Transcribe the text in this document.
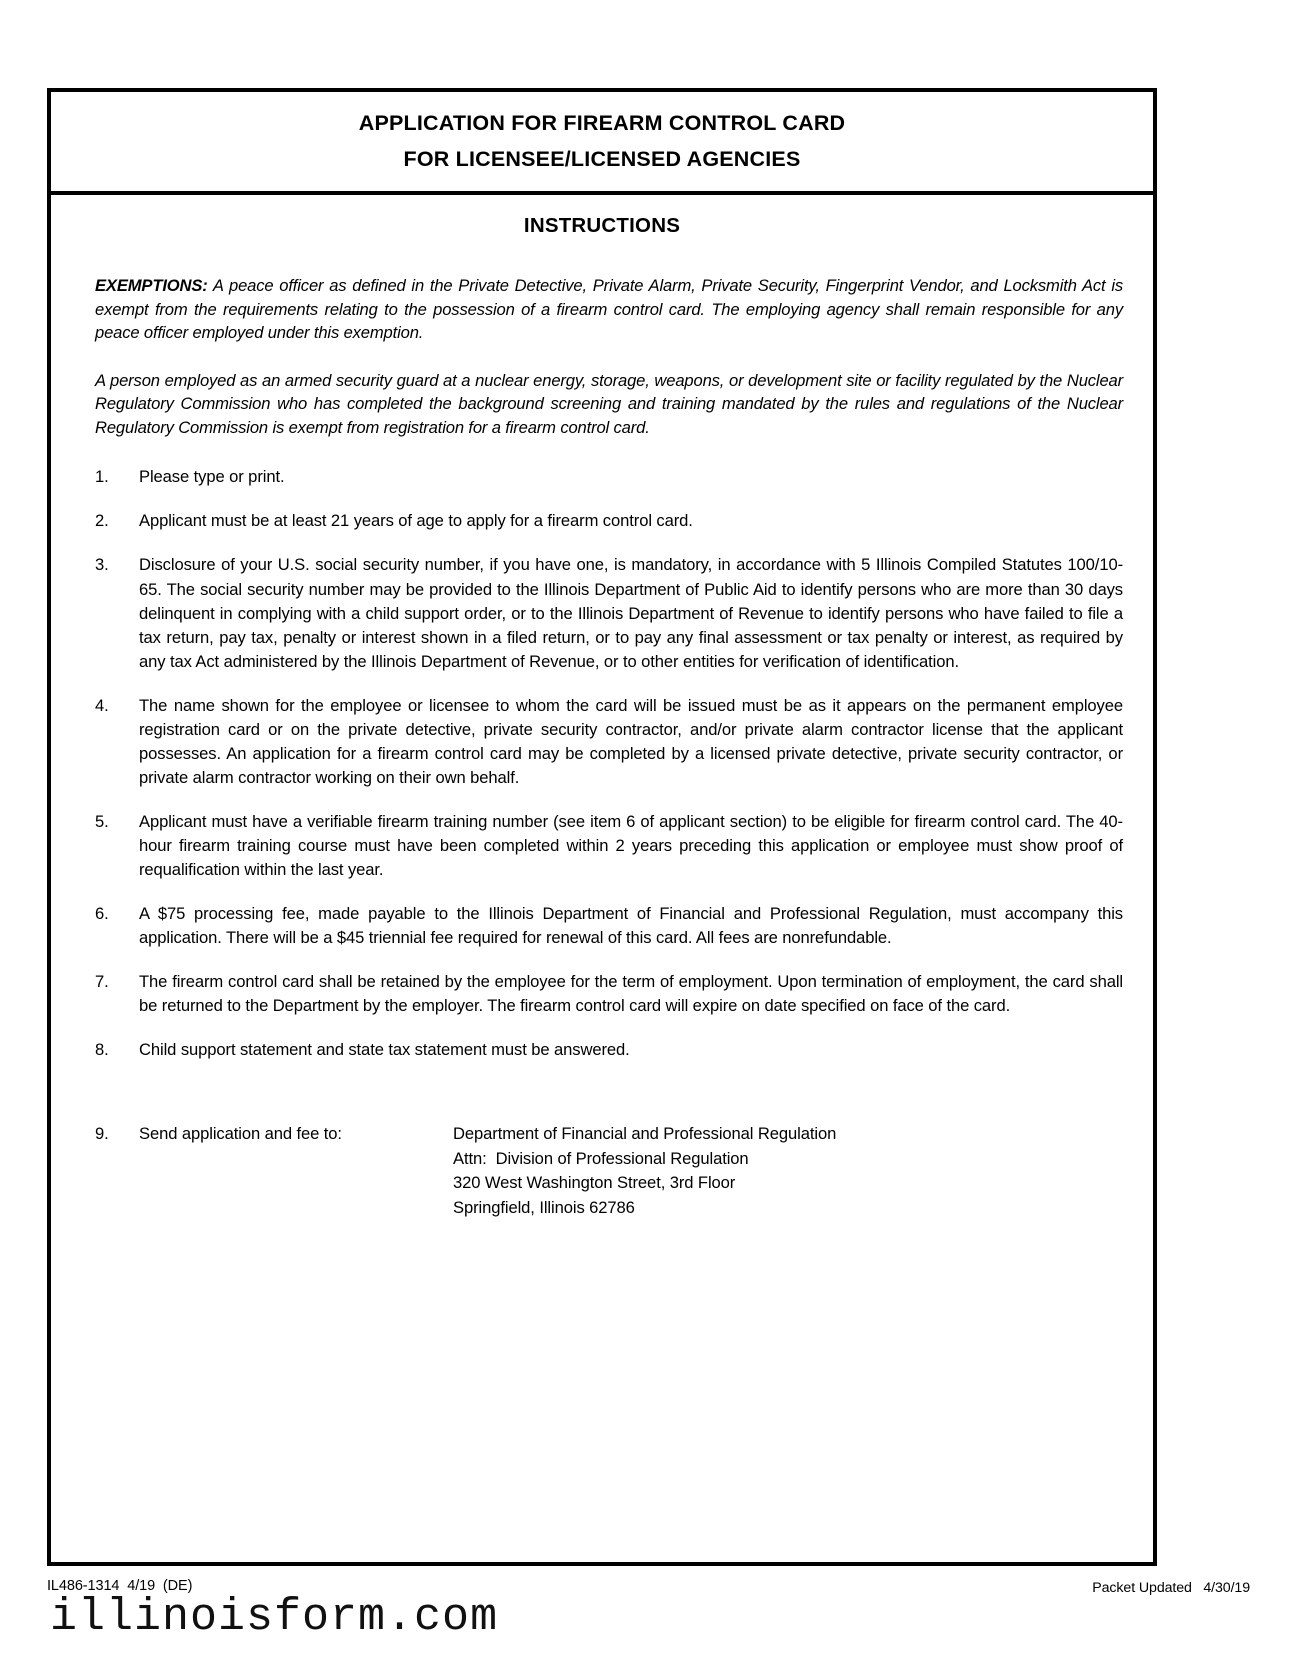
APPLICATION FOR FIREARM CONTROL CARD
FOR LICENSEE/LICENSED AGENCIES
INSTRUCTIONS

EXEMPTIONS: A peace officer as defined in the Private Detective, Private Alarm, Private Security, Fingerprint Vendor, and Locksmith Act is exempt from the requirements relating to the possession of a firearm control card. The employing agency shall remain responsible for any peace officer employed under this exemption.

A person employed as an armed security guard at a nuclear energy, storage, weapons, or development site or facility regulated by the Nuclear Regulatory Commission who has completed the background screening and training mandated by the rules and regulations of the Nuclear Regulatory Commission is exempt from registration for a firearm control card.

1.	Please type or print.
2.	Applicant must be at least 21 years of age to apply for a firearm control card.
3.	Disclosure of your U.S. social security number, if you have one, is mandatory, in accordance with 5 Illinois Compiled Statutes 100/10-65. The social security number may be provided to the Illinois Department of Public Aid to identify persons who are more than 30 days delinquent in complying with a child support order, or to the Illinois Department of Revenue to identify persons who have failed to file a tax return, pay tax, penalty or interest shown in a filed return, or to pay any final assessment or tax penalty or interest, as required by any tax Act administered by the Illinois Department of Revenue, or to other entities for verification of identification.
4.	The name shown for the employee or licensee to whom the card will be issued must be as it appears on the permanent employee registration card or on the private detective, private security contractor, and/or private alarm contractor license that the applicant possesses. An application for a firearm control card may be completed by a licensed private detective, private security contractor, or private alarm contractor working on their own behalf.
5.	Applicant must have a verifiable firearm training number (see item 6 of applicant section) to be eligible for firearm control card. The 40-hour firearm training course must have been completed within 2 years preceding this application or employee must show proof of requalification within the last year.
6.	A $75 processing fee, made payable to the Illinois Department of Financial and Professional Regulation, must accompany this application. There will be a $45 triennial fee required for renewal of this card. All fees are nonrefundable.
7.	The firearm control card shall be retained by the employee for the term of employment. Upon termination of employment, the card shall be returned to the Department by the employer. The firearm control card will expire on date specified on face of the card.
8.	Child support statement and state tax statement must be answered.
9.	Send application and fee to:	Department of Financial and Professional Regulation
Attn:  Division of Professional Regulation
320 West Washington Street, 3rd Floor
Springfield, Illinois 62786
IL486-1314  4/19  (DE)	Packet Updated   4/30/19
illinoisform.com
